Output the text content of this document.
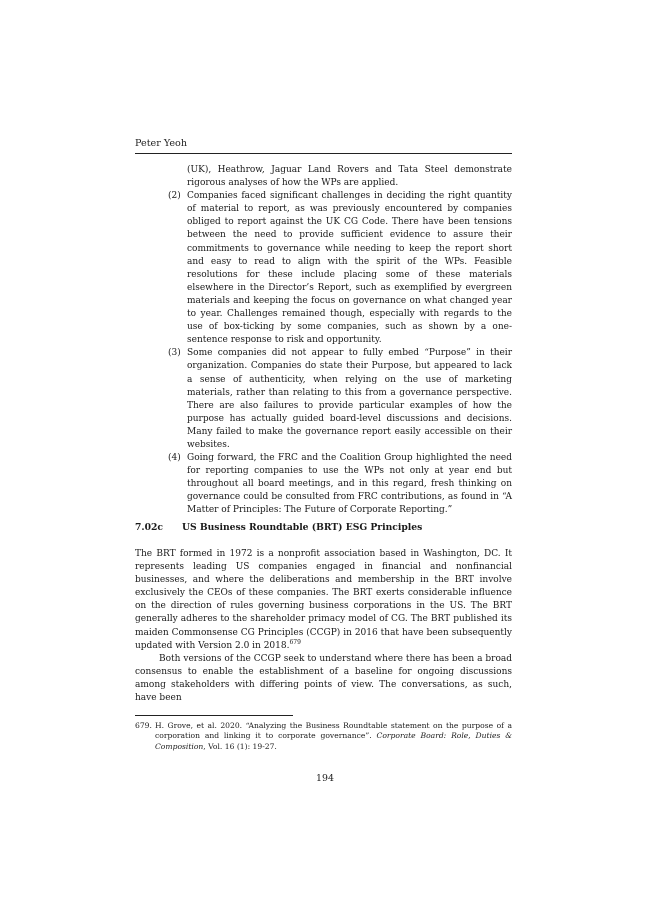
Peter Yeoh
(UK), Heathrow, Jaguar Land Rovers and Tata Steel demonstrate rigorous analyses of how the WPs are applied.
(2) Companies faced significant challenges in deciding the right quantity of material to report, as was previously encountered by companies obliged to report against the UK CG Code. There have been tensions between the need to provide sufficient evidence to assure their commitments to governance while needing to keep the report short and easy to read to align with the spirit of the WPs. Feasible resolutions for these include placing some of these materials elsewhere in the Director’s Report, such as exemplified by evergreen materials and keeping the focus on governance on what changed year to year. Challenges remained though, especially with regards to the use of box-ticking by some companies, such as shown by a one-sentence response to risk and opportunity.
(3) Some companies did not appear to fully embed “Purpose” in their organization. Companies do state their Purpose, but appeared to lack a sense of authenticity, when relying on the use of marketing materials, rather than relating to this from a governance perspective. There are also failures to provide particular examples of how the purpose has actually guided board-level discussions and decisions. Many failed to make the governance report easily accessible on their websites.
(4) Going forward, the FRC and the Coalition Group highlighted the need for reporting companies to use the WPs not only at year end but throughout all board meetings, and in this regard, fresh thinking on governance could be consulted from FRC contributions, as found in “A Matter of Principles: The Future of Corporate Reporting.”
7.02c US Business Roundtable (BRT) ESG Principles

The BRT formed in 1972 is a nonprofit association based in Washington, DC. It represents leading US companies engaged in financial and nonfinancial businesses, and where the deliberations and membership in the BRT involve exclusively the CEOs of these companies. The BRT exerts considerable influence on the direction of rules governing business corporations in the US. The BRT generally adheres to the shareholder primacy model of CG. The BRT published its maiden Commonsense CG Principles (CCGP) in 2016 that have been subsequently updated with Version 2.0 in 2018.$^{679}$

Both versions of the CCGP seek to understand where there has been a broad consensus to enable the establishment of a baseline for ongoing discussions among stakeholders with differing points of view. The conversations, as such, have been

679. H. Grove, et al. 2020. “Analyzing the Business Roundtable statement on the purpose of a corporation and linking it to corporate governance”. Corporate Board: Role, Duties & Composition, Vol. 16 (1): 19-27.
194
